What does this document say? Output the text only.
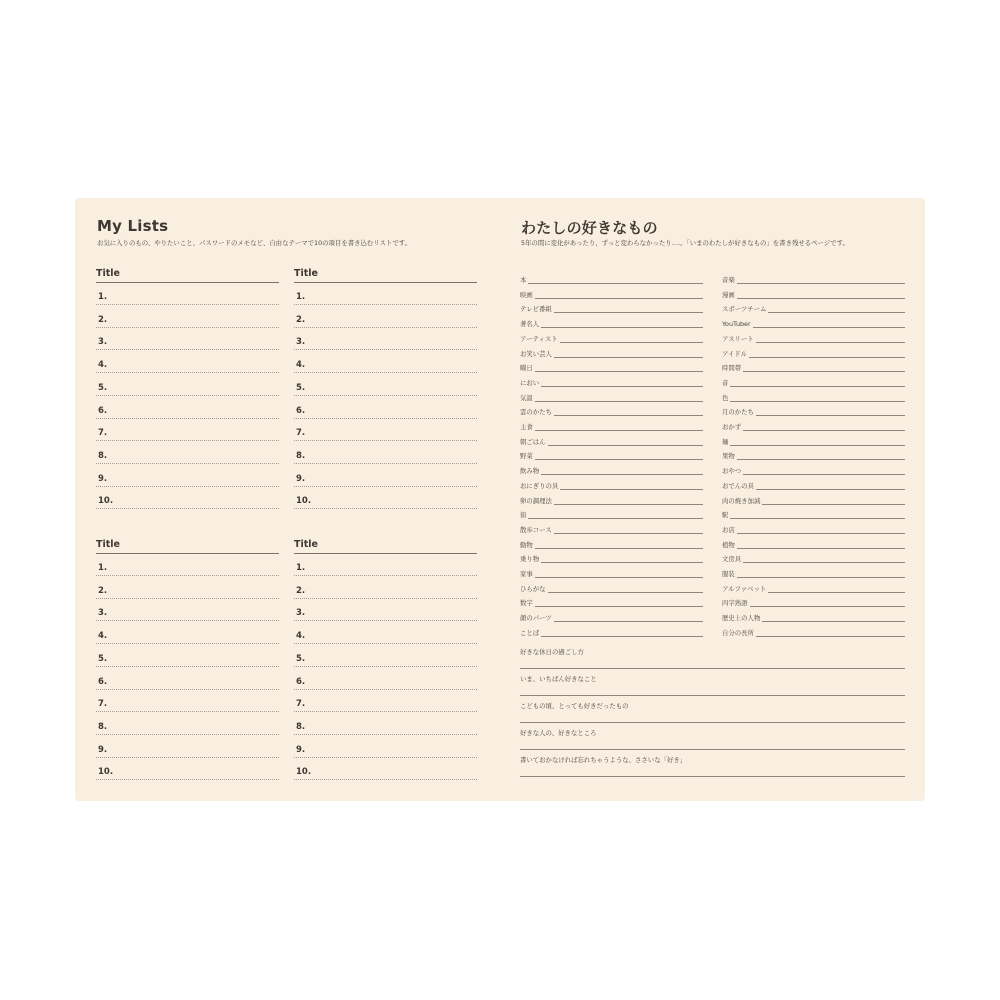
My Lists
お気に入りのもの、やりたいこと、パスワードのメモなど、自由なテーマで10の項目を書き込むリストです。
Title
1.
2.
3.
4.
5.
6.
7.
8.
9.
10.
Title
1.
2.
3.
4.
5.
6.
7.
8.
9.
10.
Title
1.
2.
3.
4.
5.
6.
7.
8.
9.
10.
Title
1.
2.
3.
4.
5.
6.
7.
8.
9.
10.
わたしの好きなもの
5年の間に変化があったり、ずっと変わらなかったり‥‥。「いまのわたしが好きなもの」を書き残せるページです。
本
映画
テレビ番組
著名人
アーティスト
お笑い芸人
曜日
におい
気温
雲のかたち
主食
朝ごはん
野菜
飲み物
おにぎりの具
卵の調理法
街
散歩コース
動物
乗り物
家事
ひらがな
数字
顔のパーツ
ことば
音楽
漫画
スポーツチーム
YouTuber
アスリート
アイドル
時間帯
音
色
月のかたち
おかず
麺
果物
おやつ
おでんの具
肉の焼き加減
駅
お店
植物
文房具
服装
アルファベット
四字熟語
歴史上の人物
自分の長所
好きな休日の過ごし方
いま、いちばん好きなこと
こどもの頃、とっても好きだったもの
好きな人の、好きなところ
書いておかなければ忘れちゃうような、ささいな「好き」
